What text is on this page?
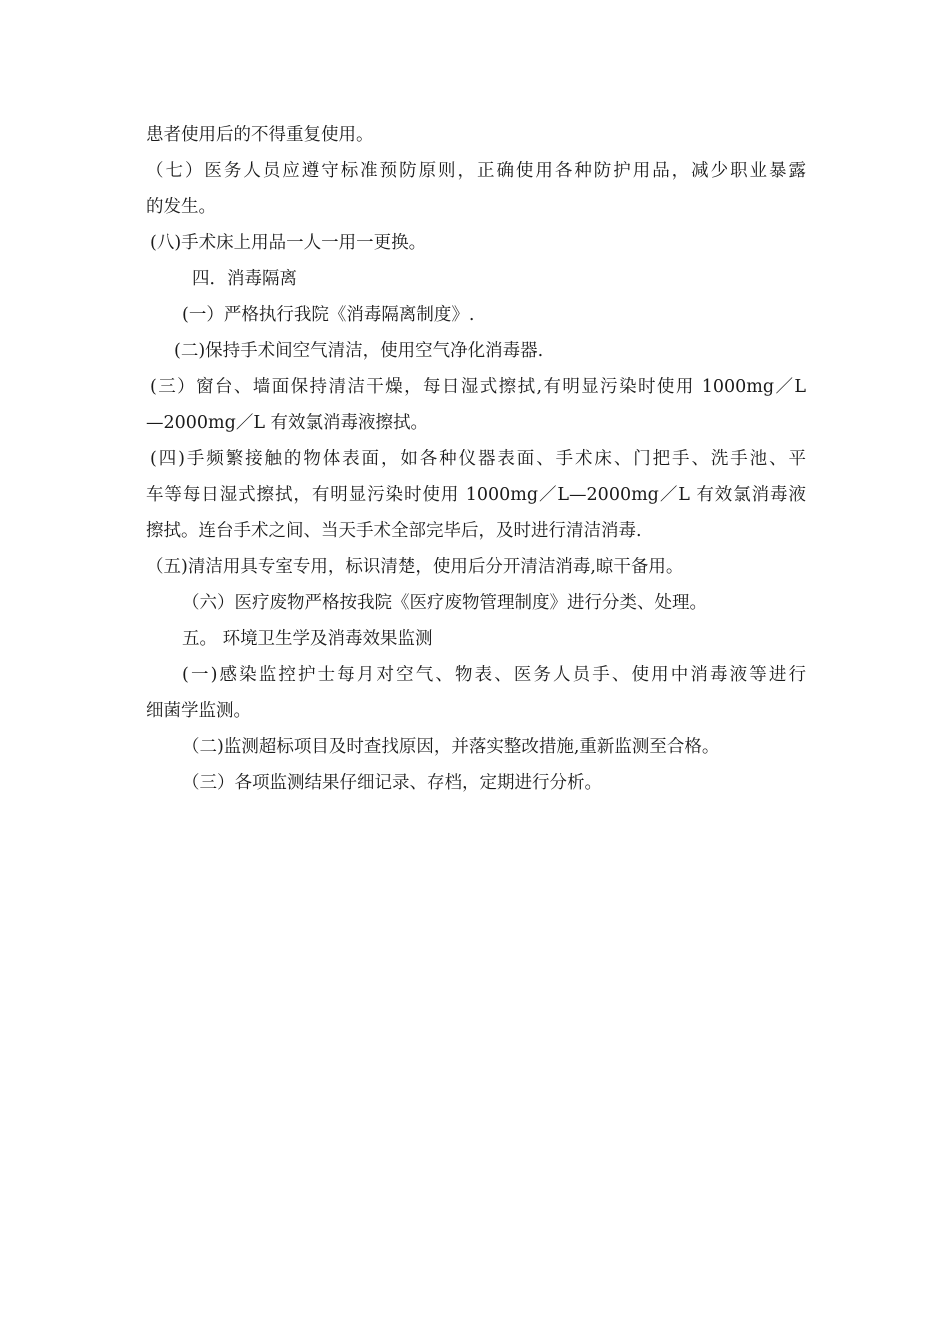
患者使用后的不得重复使用。
（七）医务人员应遵守标准预防原则，正确使用各种防护用品，减少职业暴露
的发生。
(八)手术床上用品一人一用一更换。
四．消毒隔离
(一）严格执行我院《消毒隔离制度》.
(二)保持手术间空气清洁，使用空气净化消毒器.
(三）窗台、墙面保持清洁干燥，每日湿式擦拭,有明显污染时使用 1000mg／L
—2000mg／L 有效氯消毒液擦拭。
(四)手频繁接触的物体表面，如各种仪器表面、手术床、门把手、洗手池、平
车等每日湿式擦拭，有明显污染时使用 1000mg／L—2000mg／L 有效氯消毒液
擦拭。连台手术之间、当天手术全部完毕后，及时进行清洁消毒.
（五)清洁用具专室专用，标识清楚，使用后分开清洁消毒,晾干备用。
（六）医疗废物严格按我院《医疗废物管理制度》进行分类、处理。
五。 环境卫生学及消毒效果监测
(一)感染监控护士每月对空气、物表、医务人员手、使用中消毒液等进行
细菌学监测。
（二)监测超标项目及时查找原因，并落实整改措施,重新监测至合格。
（三）各项监测结果仔细记录、存档，定期进行分析。
